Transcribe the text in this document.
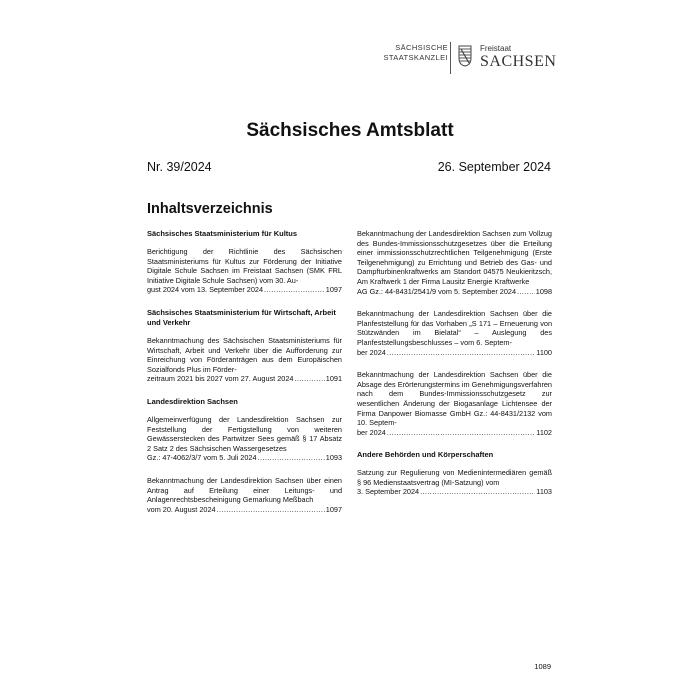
SÄCHSISCHE
STAATSKANZLEI
Freistaat
SACHSEN
Sächsisches Amtsblatt
Nr. 39/2024	26. September 2024
Inhaltsverzeichnis
Sächsisches Staatsministerium für Kultus
Berichtigung der Richtlinie des Sächsischen Staatsministeriums für Kultus zur Förderung der Initiative Digitale Schule Sachsen im Freistaat Sachsen (SMK FRL Initiative Digitale Schule Sachsen) vom 30. Au-
gust 2024 vom 13. September 2024 .....	1097
Sächsisches Staatsministerium für Wirtschaft, Arbeit und Verkehr
Bekanntmachung des Sächsischen Staatsministeriums für Wirtschaft, Arbeit und Verkehr über die Aufforderung zur Einreichung von Förderanträgen aus dem Europäischen Sozialfonds Plus im Förder-
zeitraum 2021 bis 2027 vom 27. August 2024 .....	1091
Landesdirektion Sachsen
Allgemeinverfügung der Landesdirektion Sachsen zur Feststellung der Fertigstellung von weiteren Gewässerstecken des Partwitzer Sees gemäß § 17 Absatz 2 Satz 2 des Sächsischen Wassergesetzes
Gz.: 47-4062/3/7 vom 5. Juli 2024 .....	1093
Bekanntmachung der Landesdirektion Sachsen über einen Antrag auf Erteilung einer Leitungs- und Anlagenrechtsbescheinigung Gemarkung Meßbach
vom 20. August 2024 .....	1097
Bekanntmachung der Landesdirektion Sachsen zum Vollzug des Bundes-Immissionsschutzgesetzes über die Erteilung einer immissionsschutzrechtlichen Teilgenehmigung (Erste Teilgenehmigung) zu Errichtung und Betrieb des Gas- und Dampfturbinenkraftwerks am Standort 04575 Neukieritzsch, Am Kraftwerk 1 der Firma Lausitz Energie Kraftwerke
AG Gz.: 44-8431/2541/9 vom 5. September 2024 .....	1098
Bekanntmachung der Landesdirektion Sachsen über die Planfeststellung für das Vorhaben „S 171 – Erneuerung von Stützwänden im Bielatal“ – Auslegung des Planfeststellungsbeschlusses – vom 6. Septem-
ber 2024 .....	1100
Bekanntmachung der Landesdirektion Sachsen über die Absage des Erörterungstermins im Genehmigungsverfahren nach dem Bundes-Immissionsschutzgesetz zur wesentlichen Änderung der Biogasanlage Lichtensee der Firma Danpower Biomasse GmbH Gz.: 44-8431/2132 vom 10. Septem-
ber 2024 .....	1102
Andere Behörden und Körperschaften
Satzung zur Regulierung von Medienintermediären gemäß § 96 Medienstaatsvertrag (MI-Satzung) vom
3. September 2024 .....	1103
1089
